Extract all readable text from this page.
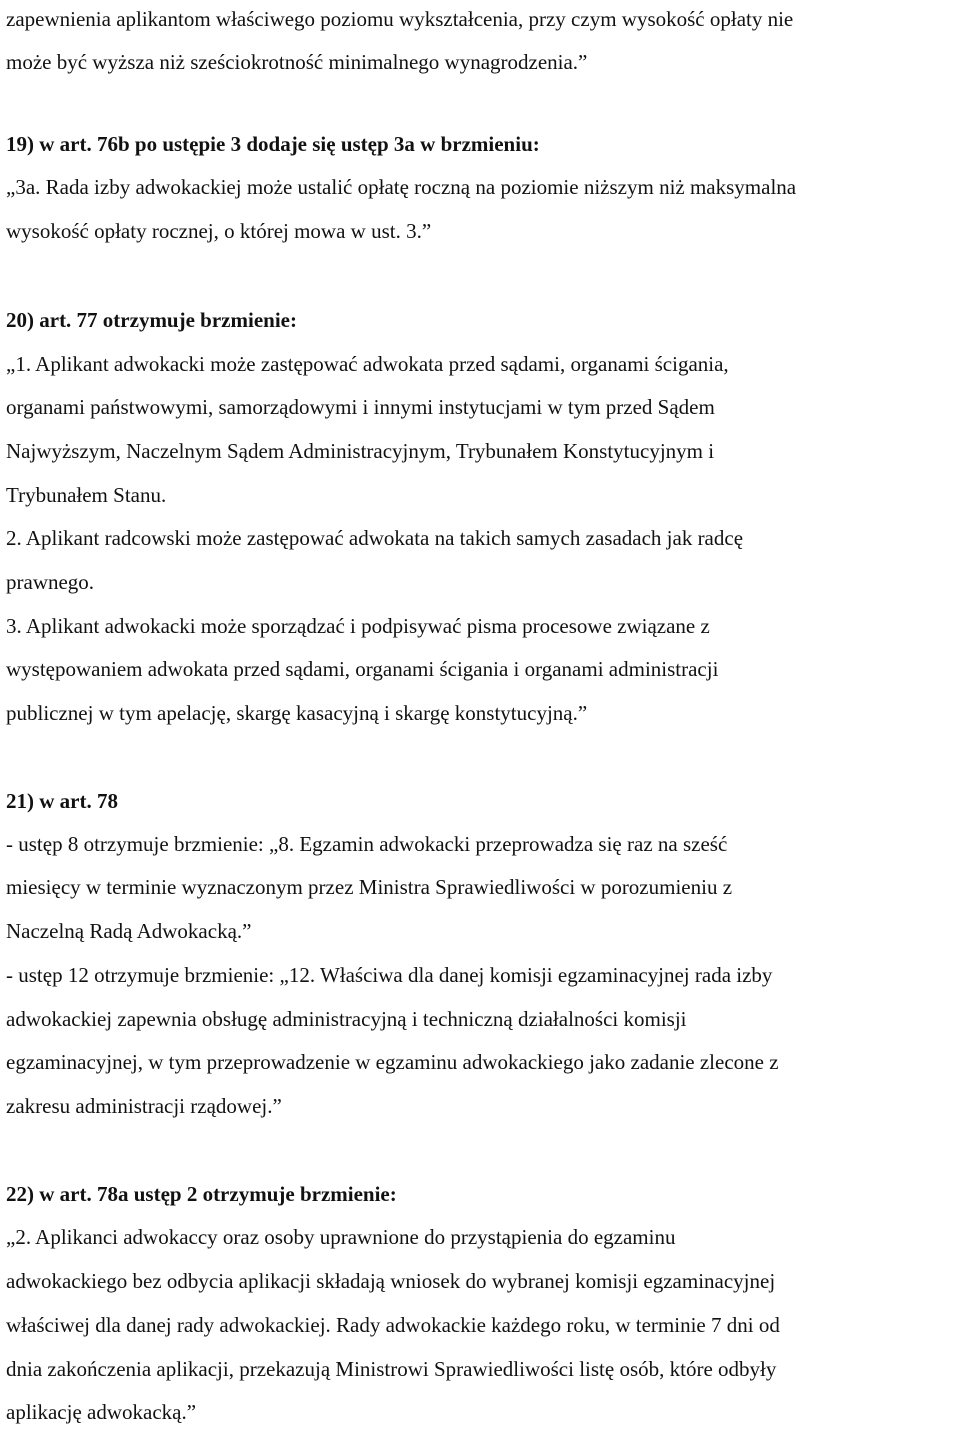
zapewnienia aplikantom właściwego poziomu wykształcenia, przy czym wysokość opłaty nie

może być wyższa niż sześciokrotność minimalnego wynagrodzenia.”

19) w art. 76b po ustępie 3 dodaje się ustęp 3a w brzmieniu:

„3a. Rada izby adwokackiej może ustalić opłatę roczną na poziomie niższym niż maksymalna

wysokość opłaty rocznej, o której mowa w ust. 3.”

20) art. 77 otrzymuje brzmienie:

„1. Aplikant adwokacki może zastępować adwokata przed sądami, organami ścigania,

organami państwowymi, samorządowymi i innymi instytucjami w tym przed Sądem

Najwyższym, Naczelnym Sądem Administracyjnym, Trybunałem Konstytucyjnym i

Trybunałem Stanu.

2. Aplikant radcowski może zastępować adwokata na takich samych zasadach jak radcę

prawnego.

3. Aplikant adwokacki może sporządzać i podpisywać pisma procesowe związane z

występowaniem adwokata przed sądami, organami ścigania i organami administracji

publicznej w tym apelację, skargę kasacyjną i skargę konstytucyjną.”

21) w art. 78

- ustęp 8 otrzymuje brzmienie: „8. Egzamin adwokacki przeprowadza się raz na sześć

miesięcy w terminie wyznaczonym przez Ministra Sprawiedliwości w porozumieniu z

Naczelną Radą Adwokacką.”

- ustęp 12 otrzymuje brzmienie: „12. Właściwa dla danej komisji egzaminacyjnej rada izby

adwokackiej zapewnia obsługę administracyjną i techniczną działalności komisji

egzaminacyjnej, w tym przeprowadzenie w egzaminu adwokackiego jako zadanie zlecone z

zakresu administracji rządowej.”

22) w art. 78a ustęp 2 otrzymuje brzmienie:

„2. Aplikanci adwokaccy oraz osoby uprawnione do przystąpienia do egzaminu

adwokackiego bez odbycia aplikacji składają wniosek do wybranej komisji egzaminacyjnej

właściwej dla danej rady adwokackiej. Rady adwokackie każdego roku, w terminie 7 dni od

dnia zakończenia aplikacji, przekazują Ministrowi Sprawiedliwości listę osób, które odbyły

aplikację adwokacką.”
